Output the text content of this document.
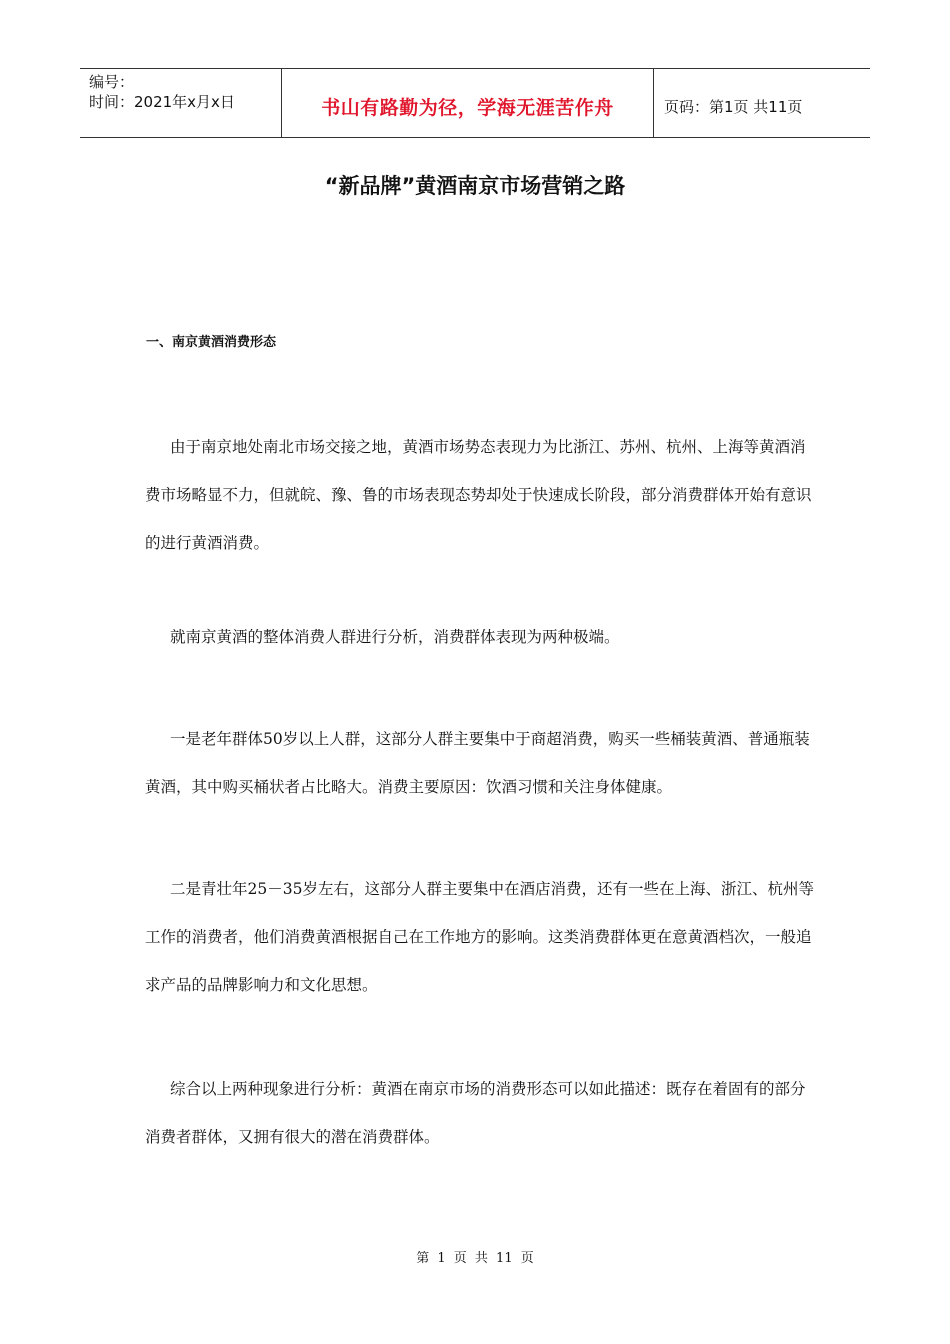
编号：
时间：2021年x月x日	书山有路勤为径，学海无涯苦作舟	页码：第1页 共11页
“新品牌”黄酒南京市场营销之路
一、南京黄酒消费形态

由于南京地处南北市场交接之地，黄酒市场势态表现力为比浙江、苏州、杭州、上海等黄酒消费市场略显不力，但就皖、豫、鲁的市场表现态势却处于快速成长阶段，部分消费群体开始有意识的进行黄酒消费。

就南京黄酒的整体消费人群进行分析，消费群体表现为两种极端。

一是老年群体50岁以上人群，这部分人群主要集中于商超消费，购买一些桶装黄酒、普通瓶装黄酒，其中购买桶状者占比略大。消费主要原因：饮酒习惯和关注身体健康。

二是青壮年25－35岁左右，这部分人群主要集中在酒店消费，还有一些在上海、浙江、杭州等工作的消费者，他们消费黄酒根据自己在工作地方的影响。这类消费群体更在意黄酒档次，一般追求产品的品牌影响力和文化思想。

综合以上两种现象进行分析：黄酒在南京市场的消费形态可以如此描述：既存在着固有的部分消费者群体，又拥有很大的潜在消费群体。

第 1 页 共 11 页
